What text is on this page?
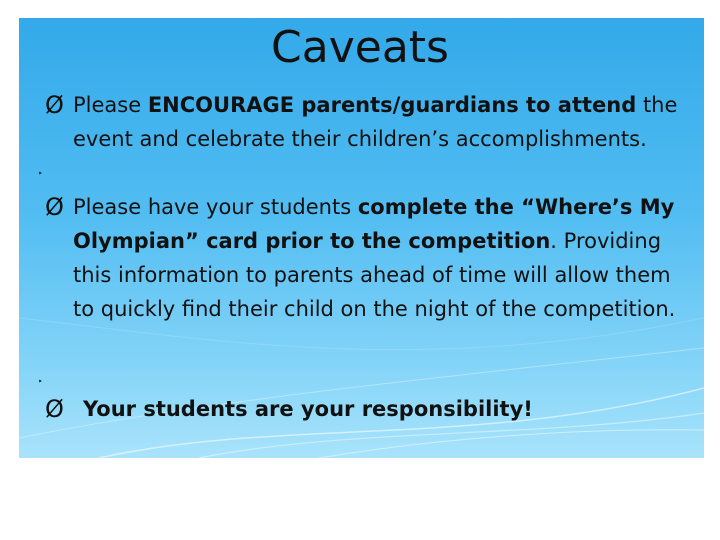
Caveats
Ø Please ENCOURAGE parents/guardians to attend the event and celebrate their children’s accomplishments.
‣
Ø Please have your students complete the “Where’s My Olympian” card prior to the competition. Providing this information to parents ahead of time will allow them to quickly find their child on the night of the competition.
‣
Ø Your students are your responsibility!
